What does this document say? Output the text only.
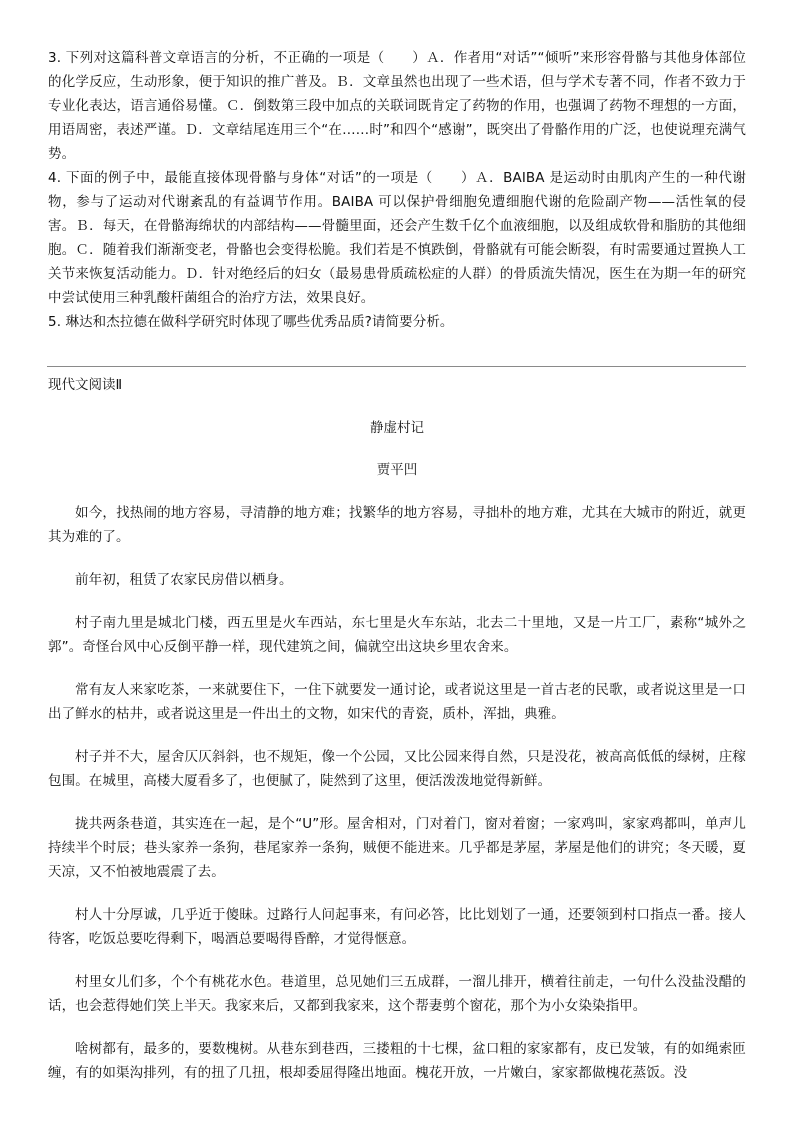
3. 下列对这篇科普文章语言的分析，不正确的一项是（　　）Ａ．作者用“对话”“倾听”来形容骨骼与其他身体部位的化学反应，生动形象，便于知识的推广普及。Ｂ．文章虽然也出现了一些术语，但与学术专著不同，作者不致力于专业化表达，语言通俗易懂。Ｃ．倒数第三段中加点的关联词既肯定了药物的作用，也强调了药物不理想的一方面，用语周密，表述严谨。Ｄ．文章结尾连用三个“在……时”和四个“感谢”，既突出了骨骼作用的广泛，也使说理充满气势。

4. 下面的例子中，最能直接体现骨骼与身体“对话”的一项是（　　）Ａ．BAIBA 是运动时由肌肉产生的一种代谢物，参与了运动对代谢紊乱的有益调节作用。BAIBA 可以保护骨细胞免遭细胞代谢的危险副产物——活性氧的侵害。Ｂ．每天，在骨骼海绵状的内部结构——骨髓里面，还会产生数千亿个血液细胞，以及组成软骨和脂肪的其他细胞。Ｃ．随着我们渐渐变老，骨骼也会变得松脆。我们若是不慎跌倒，骨骼就有可能会断裂，有时需要通过置换人工关节来恢复活动能力。Ｄ．针对绝经后的妇女（最易患骨质疏松症的人群）的骨质流失情况，医生在为期一年的研究中尝试使用三种乳酸杆菌组合的治疗方法，效果良好。

5. 琳达和杰拉德在做科学研究时体现了哪些优秀品质?请简要分析。

现代文阅读Ⅱ

静虚村记

贾平凹

如今，找热闹的地方容易，寻清静的地方难；找繁华的地方容易，寻拙朴的地方难，尤其在大城市的附近，就更其为难的了。

前年初，租赁了农家民房借以栖身。

村子南九里是城北门楼，西五里是火车西站，东七里是火车东站，北去二十里地，又是一片工厂，素称“城外之郭”。奇怪台风中心反倒平静一样，现代建筑之间，偏就空出这块乡里农舍来。

常有友人来家吃茶，一来就要住下，一住下就要发一通讨论，或者说这里是一首古老的民歌，或者说这里是一口出了鲜水的枯井，或者说这里是一件出土的文物，如宋代的青瓷，质朴，浑拙，典雅。

村子并不大，屋舍仄仄斜斜，也不规矩，像一个公园，又比公园来得自然，只是没花，被高高低低的绿树，庄稼包围。在城里，高楼大厦看多了，也便腻了，陡然到了这里，便活泼泼地觉得新鲜。

拢共两条巷道，其实连在一起，是个“U”形。屋舍相对，门对着门，窗对着窗；一家鸡叫，家家鸡都叫，单声儿持续半个时辰；巷头家养一条狗，巷尾家养一条狗，贼便不能进来。几乎都是茅屋，茅屋是他们的讲究；冬天暖，夏天凉，又不怕被地震震了去。

村人十分厚诚，几乎近于傻昧。过路行人问起事来，有问必答，比比划划了一通，还要领到村口指点一番。接人待客，吃饭总要吃得剩下，喝酒总要喝得昏醉，才觉得惬意。

村里女儿们多，个个有桃花水色。巷道里，总见她们三五成群，一溜儿排开，横着往前走，一句什么没盐没醋的话，也会惹得她们笑上半天。我家来后，又都到我家来，这个帮妻剪个窗花，那个为小女染染指甲。

啥树都有，最多的，要数槐树。从巷东到巷西，三搂粗的十七棵，盆口粗的家家都有，皮已发皱，有的如绳索匝缠，有的如渠沟排列，有的扭了几扭，根却委屈得隆出地面。槐花开放，一片嫩白，家家都做槐花蒸饭。没
